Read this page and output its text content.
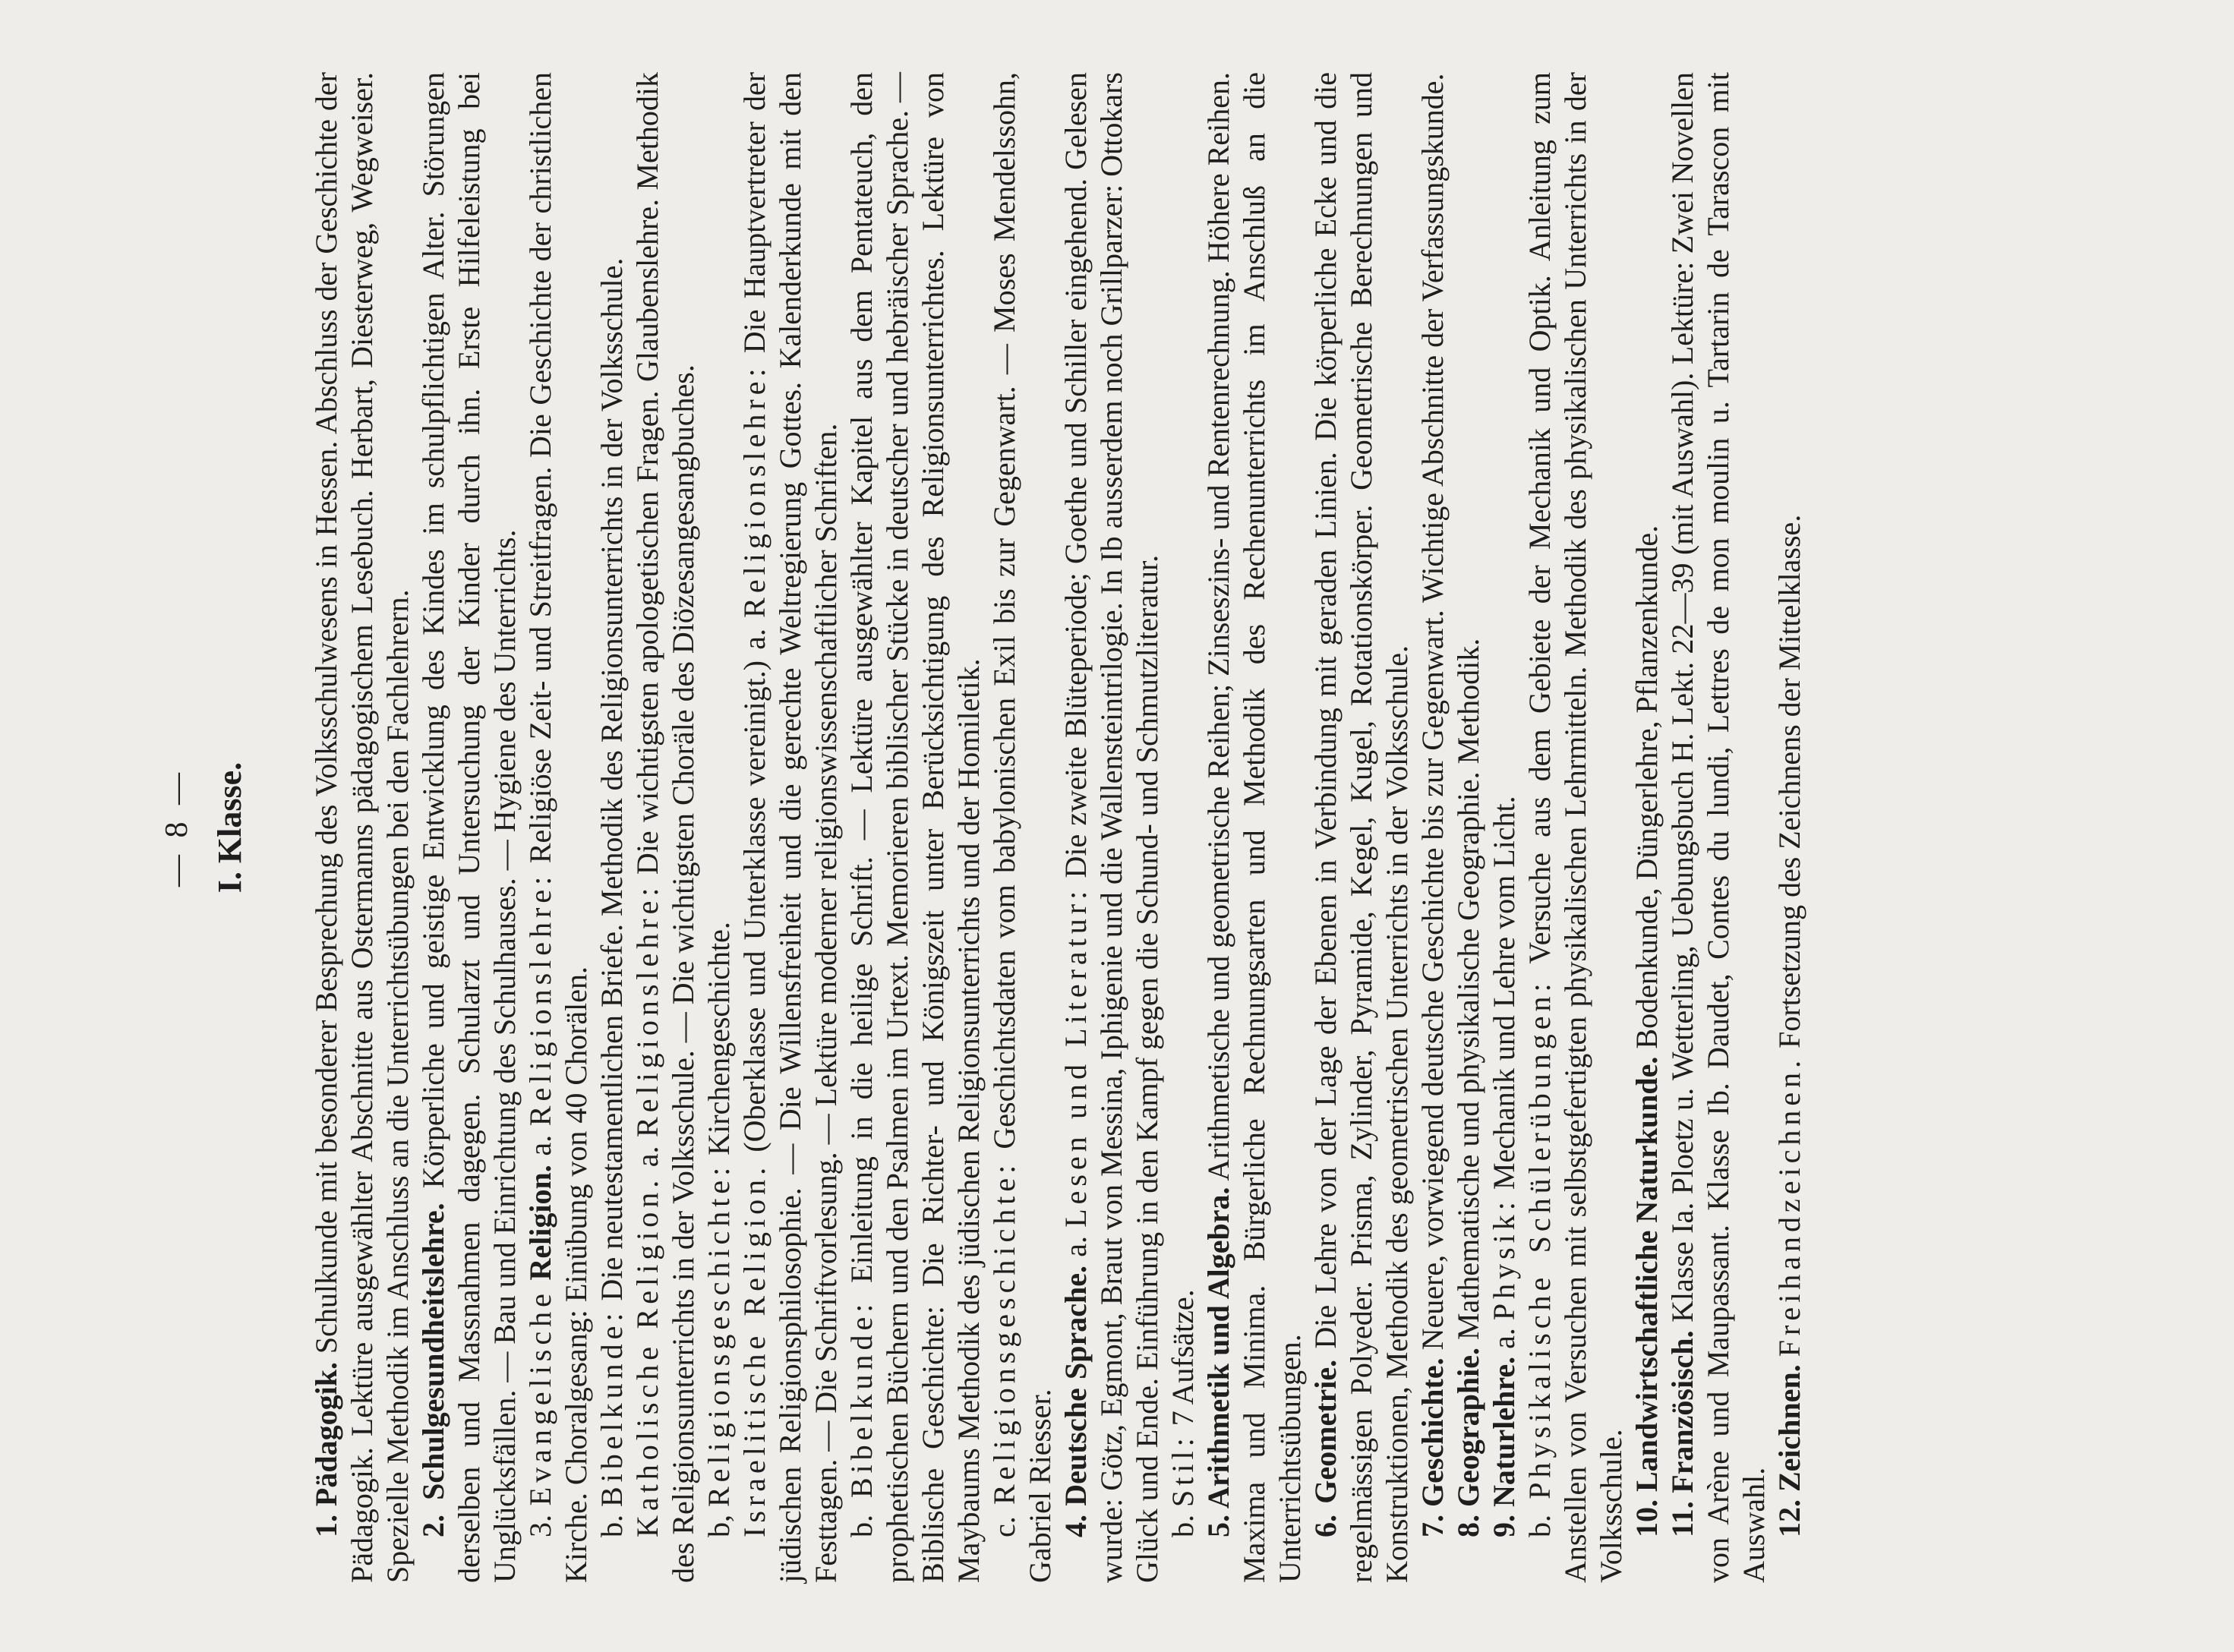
— 8 — I. Klasse.

1. Pädagogik. Schulkunde mit besonderer Besprechung des Volksschulwesens in Hessen. Abschluss der Geschichte der Pädagogik. Lektüre ausgewählter Abschnitte aus Ostermanns pädagogischem Lesebuch. Herbart, Diesterweg, Wegweiser. Spezielle Methodik im Anschluss an die Unterrichtsübungen bei den Fachlehrern. 2. Schulgesundheitslehre. Körperliche und geistige Entwicklung des Kindes im schulpflichtigen Alter. Störungen derselben und Massnahmen dagegen. Schularzt und Untersuchung der Kinder durch ihn. Erste Hilfeleistung bei Unglücksfällen. — Bau und Einrichtung des Schulhauses. — Hygiene des Unterrichts. 3. Evangelische Religion. a. Religionslehre: Religiöse Zeit- und Streitfragen. Die Geschichte der christlichen Kirche. Choralgesang: Einübung von 40 Chorälen. b. Bibelkunde: Die neutestamentlichen Briefe. Methodik des Religionsunterrichts in der Volksschule.

Katholische Religion. a. Religionslehre: Die wichtigsten apologetischen Fragen. Glaubenslehre. Methodik des Religionsunterrichts in der Volksschule. — Die wichtigsten Choräle des Diözesangesangbuches. b, Religionsgeschichte: Kirchengeschichte.

Israelitische Religion. (Oberklasse und Unterklasse vereinigt.) a. Religionslehre: Die Hauptvertreter der jüdischen Religionsphilosophie. — Die Willensfreiheit und die gerechte Weltregierung Gottes. Kalenderkunde mit den Festtagen. — Die Schriftvorlesung. — Lektüre moderner religionswissenschaftlicher Schriften. b. Bibelkunde: Einleitung in die heilige Schrift. — Lektüre ausgewählter Kapitel aus dem Pentateuch, den prophetischen Büchern und den Psalmen im Urtext. Memorieren biblischer Stücke in deutscher und hebräischer Sprache. — Biblische Geschichte: Die Richter- und Königszeit unter Berücksichtigung des Religionsunterrichtes. Lektüre von Maybaums Methodik des jüdischen Religionsunterrichts und der Homiletik. c. Religionsgeschichte: Geschichtsdaten vom babylonischen Exil bis zur Gegenwart. — Moses Mendelssohn, Gabriel Riesser. 4. Deutsche Sprache. a. Lesen und Literatur: Die zweite Blüteperiode; Goethe und Schiller eingehend. Gelesen wurde: Götz, Egmont, Braut von Messina, Iphigenie und die Wallensteintrilogie. In Ib ausserdem noch Grillparzer: Ottokars Glück und Ende. Einführung in den Kampf gegen die Schund- und Schmutzliteratur. b. Stil: 7 Aufsätze. 5. Arithmetik und Algebra. Arithmetische und geometrische Reihen; Zinseszins- und Rentenrechnung. Höhere Reihen. Maxima und Minima. Bürgerliche Rechnungsarten und Methodik des Rechenunterrichts im Anschluß an die Unterrichtsübungen. 6. Geometrie. Die Lehre von der Lage der Ebenen in Verbindung mit geraden Linien. Die körperliche Ecke und die regelmässigen Polyeder. Prisma, Zylinder, Pyramide, Kegel, Kugel, Rotationskörper. Geometrische Berechnungen und Konstruktionen, Methodik des geometrischen Unterrichts in der Volksschule. 7. Geschichte. Neuere, vorwiegend deutsche Geschichte bis zur Gegenwart. Wichtige Abschnitte der Verfassungskunde.

8. Geographie. Mathematische und physikalische Geographie. Methodik.

9. Naturlehre. a. Physik: Mechanik und Lehre vom Licht.

b. Physikalische Schülerübungen: Versuche aus dem Gebiete der Mechanik und Optik. Anleitung zum Anstellen von Versuchen mit selbstgefertigten physikalischen Lehrmitteln. Methodik des physikalischen Unterrichts in der Volksschule. 10. Landwirtschaftliche Naturkunde. Bodenkunde, Düngerlehre, Pflanzenkunde.

11. Französisch. Klasse Ia. Ploetz u. Wetterling, Uebungsbuch H. Lekt. 22—39 (mit Auswahl). Lektüre: Zwei Novellen von Arène und Maupassant. Klasse Ib. Daudet, Contes du lundi, Lettres de mon moulin u. Tartarin de Tarascon mit Auswahl. 12. Zeichnen. Freihandzeichnen. Fortsetzung des Zeichnens der Mittelklasse.
